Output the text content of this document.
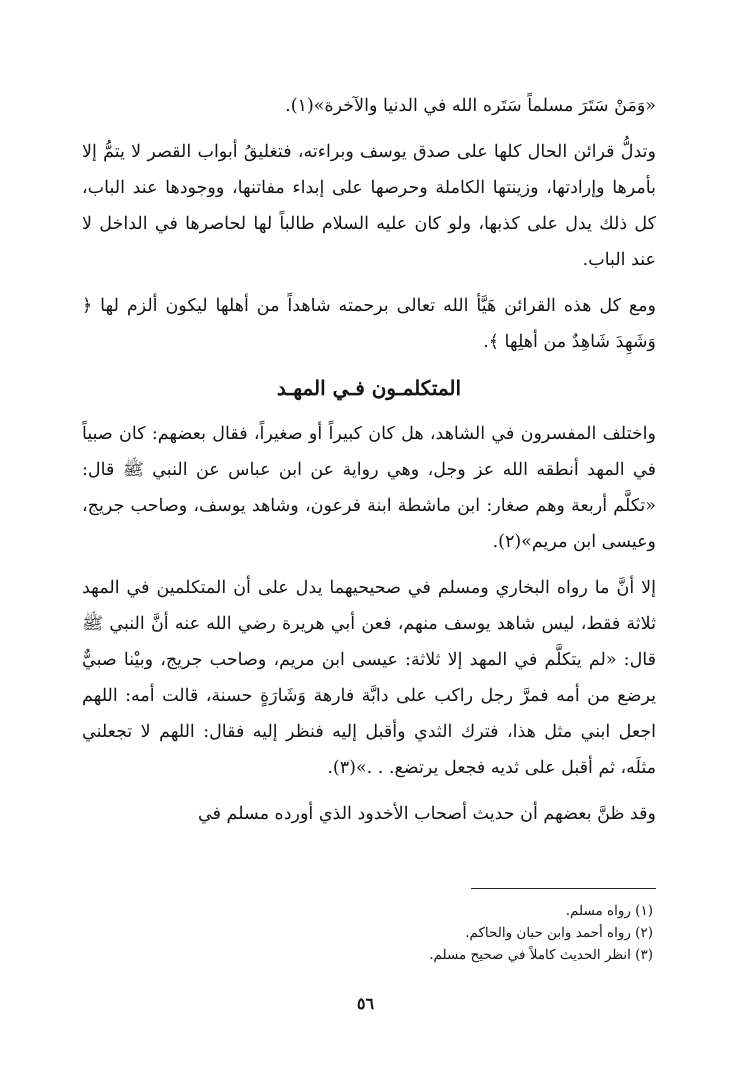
«وَمَنْ سَتَرَ مسلماً سَتَره الله في الدنيا والآخرة»(١).

وتدلُّ قرائن الحال كلها على صدق يوسف وبراءته، فتغليقُ أبواب القصر لا يتمُّ إلا بأمرها وإرادتها، وزينتها الكاملة وحرصها على إبداء مفاتنها، ووجودها عند الباب، كل ذلك يدل على كذبها، ولو كان عليه السلام طالباً لها لحاصرها في الداخل لا عند الباب.

ومع كل هذه القرائن هَيَّأ الله تعالى برحمته شاهداً من أهلها ليكون ألزم لها ﴿ وَشَهِدَ شَاهِدٌ من أهلِها ﴾.

المتكلمـون فـي المهـد

واختلف المفسرون في الشاهد، هل كان كبيراً أو صغيراً، فقال بعضهم: كان صبياً في المهد أنطقه الله عز وجل، وهي رواية عن ابن عباس عن النبي ﷺ قال: «تكلَّم أربعة وهم صغار: ابن ماشطة ابنة فرعون، وشاهد يوسف، وصاحب جريج، وعيسى ابن مريم»(٢).

إلا أنَّ ما رواه البخاري ومسلم في صحيحيهما يدل على أن المتكلمين في المهد ثلاثة فقط، ليس شاهد يوسف منهم، فعن أبي هريرة رضي الله عنه أنَّ النبي ﷺ قال: «لم يتكلَّم في المهد إلا ثلاثة: عيسى ابن مريم، وصاحب جريج، وبيْنا صبيٌّ يرضع من أمه فمرَّ رجل راكب على دابَّة فارهة وَشَارَةٍ حسنة، قالت أمه: اللهم اجعل ابني مثل هذا، فترك الثدي وأقبل إليه فنظر إليه فقال: اللهم لا تجعلني مثلَه، ثم أقبل على ثديه فجعل يرتضع. . .»(٣).

وقد ظنَّ بعضهم أن حديث أصحاب الأخدود الذي أورده مسلم في

(١) رواه مسلم.
(٢) رواه أحمد وابن حبان والحاكم.
(٣) انظر الحديث كاملاً في صحيح مسلم.
٥٦
